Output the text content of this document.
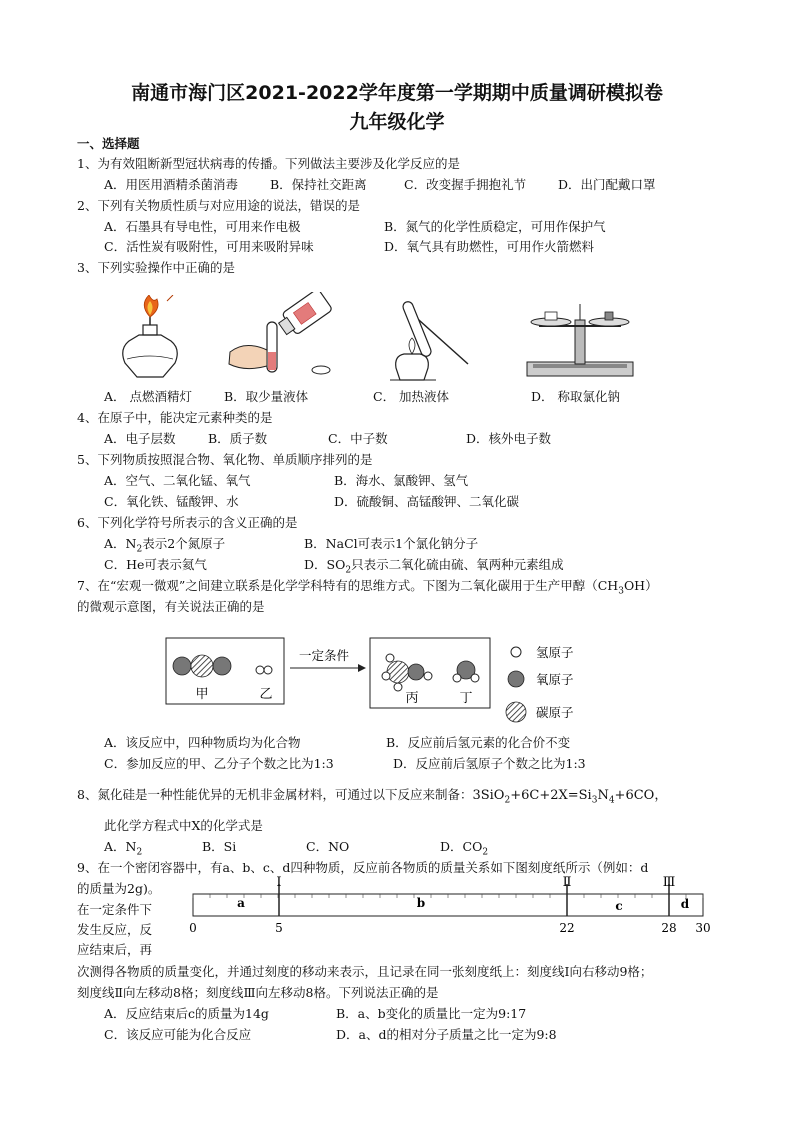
南通市海门区2021-2022学年度第一学期期中质量调研模拟卷
九年级化学
一、选择题
1、为有效阻断新型冠状病毒的传播。下列做法主要涉及化学反应的是
A．用医用酒精杀菌消毒	B．保持社交距离	C．改变握手拥抱礼节	D．出门配戴口罩
2、下列有关物质性质与对应用途的说法，错误的是
A．石墨具有导电性，可用来作电极	B．氮气的化学性质稳定，可用作保护气
C．活性炭有吸附性，可用来吸附异味	D．氧气具有助燃性，可用作火箭燃料
3、下列实验操作中正确的是
A． 点燃酒精灯	B．取少量液体	C． 加热液体	D． 称取氯化钠
4、在原子中，能决定元素种类的是
A．电子层数	B．质子数	C．中子数	D．核外电子数
5、下列物质按照混合物、氧化物、单质顺序排列的是
A．空气、二氧化锰、氧气	B．海水、氯酸钾、氢气
C．氧化铁、锰酸钾、水	D．硫酸铜、高锰酸钾、二氧化碳
6、下列化学符号所表示的含义正确的是
A．$N_2$表示2个氮原子	B．NaCl可表示1个氯化钠分子
C．He可表示氦气	D．$SO_2$只表示二氧化硫由硫、氧两种元素组成
7、在“宏观一微观”之间建立联系是化学学科特有的思维方式。下图为二氧化碳用于生产甲醇$(CH_3OH)$
的微观示意图，有关说法正确的是
甲	乙
一定条件
丙	丁
氢原子
氧原子
碳原子
A．该反应中，四种物质均为化合物	B．反应前后氢元素的化合价不变
C．参加反应的甲、乙分子个数之比为1:3	D．反应前后氢原子个数之比为1:3
8、氮化硅是一种性能优异的无机非金属材料，可通过以下反应来制备：$3SiO_2+6C+2X=Si_3N_4+6CO$，
此化学方程式中X的化学式是
A．$N_2$	B．Si	C．NO	D．$CO_2$
9、在一个密闭容器中，有a、b、c、d四种物质，反应前各物质的质量关系如下图刻度纸所示（例如：d
的质量为2g)。
在一定条件下
发生反应，反
应结束后，再
Ⅰ	Ⅱ	Ⅲ
a	b	c	d
0	5	22	28 30
次测得各物质的质量变化，并通过刻度的移动来表示，且记录在同一张刻度纸上：刻度线Ⅰ向右移动9格；
刻度线Ⅱ向左移动8格；刻度线Ⅲ向左移动8格。下列说法正确的是
A．反应结束后c的质量为14g	B．a、b变化的质量比一定为9:17
C．该反应可能为化合反应	D．a、d的相对分子质量之比一定为9:8
